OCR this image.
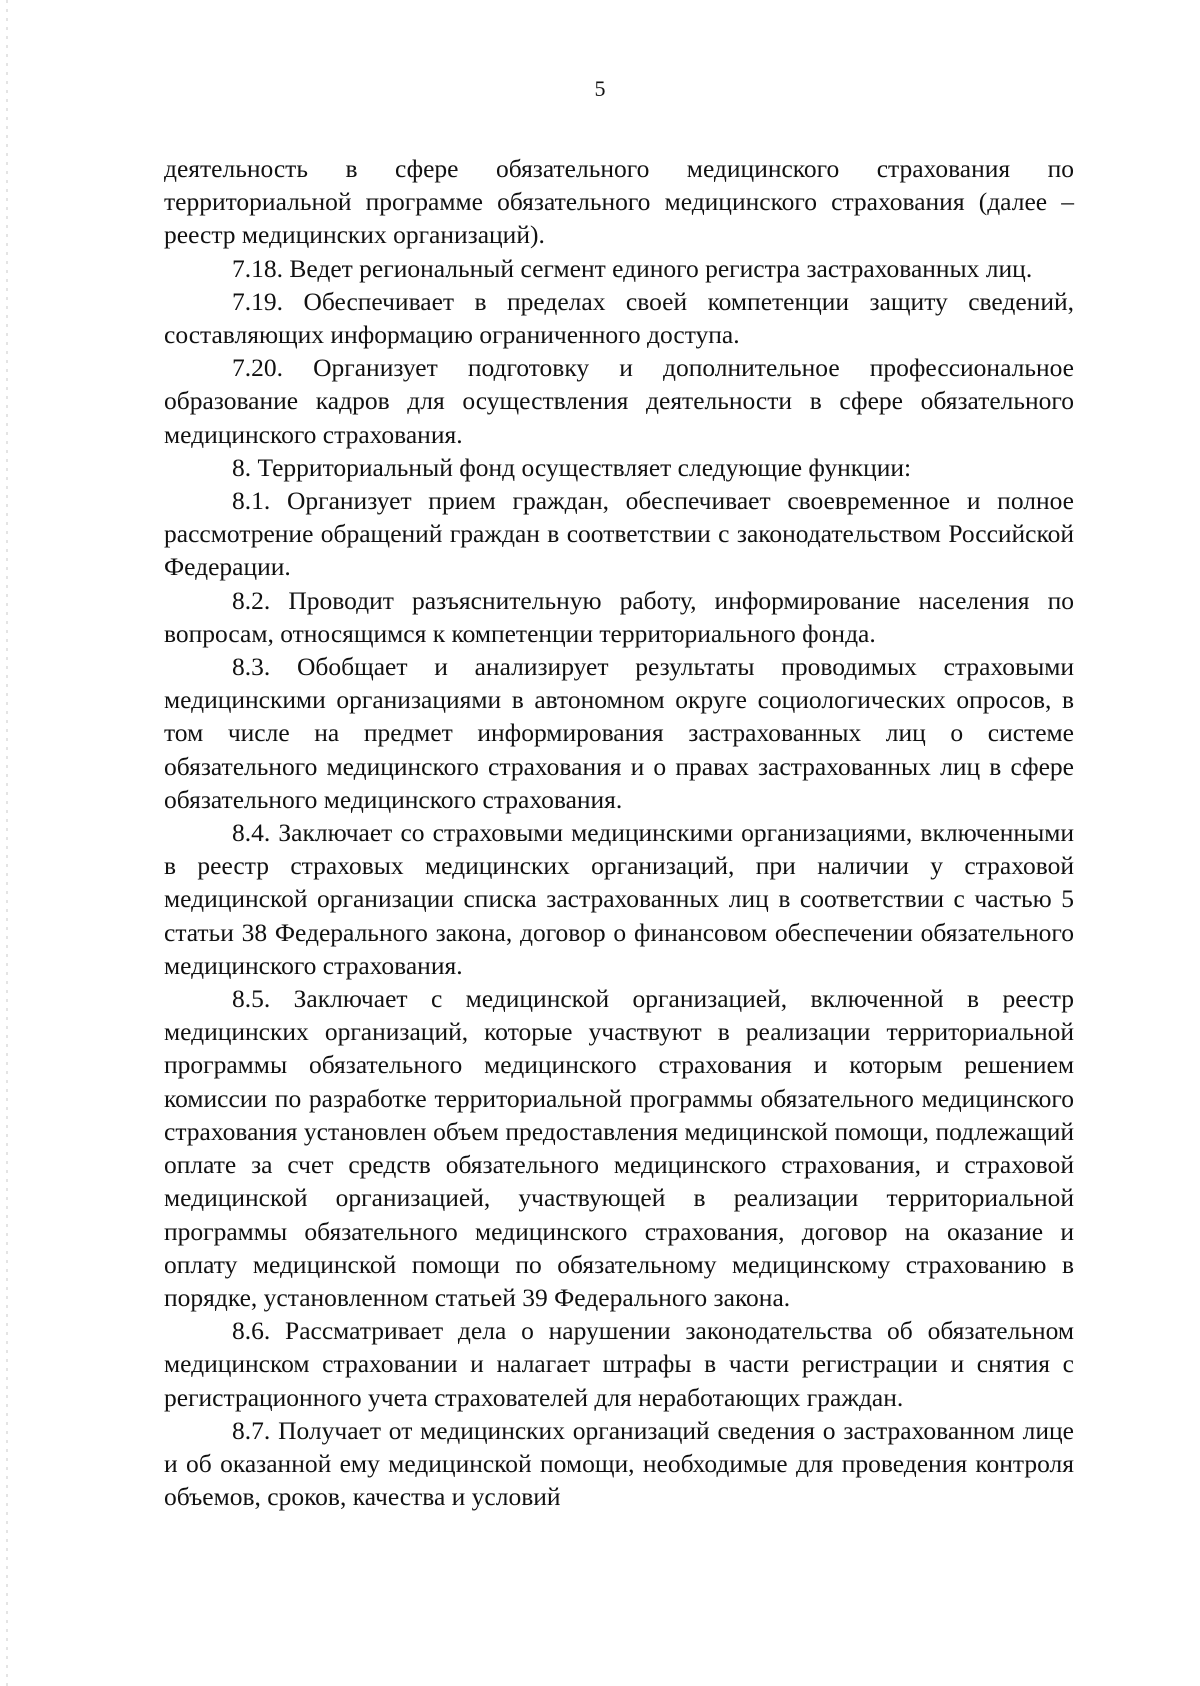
5

деятельность в сфере обязательного медицинского страхования по территориальной программе обязательного медицинского страхования (далее – реестр медицинских организаций).

7.18. Ведет региональный сегмент единого регистра застрахованных лиц.

7.19. Обеспечивает в пределах своей компетенции защиту сведений, составляющих информацию ограниченного доступа.

7.20. Организует подготовку и дополнительное профессиональное образование кадров для осуществления деятельности в сфере обязательного медицинского страхования.

8. Территориальный фонд осуществляет следующие функции:

8.1. Организует прием граждан, обеспечивает своевременное и полное рассмотрение обращений граждан в соответствии с законодательством Российской Федерации.

8.2. Проводит разъяснительную работу, информирование населения по вопросам, относящимся к компетенции территориального фонда.

8.3. Обобщает и анализирует результаты проводимых страховыми медицинскими организациями в автономном округе социологических опросов, в том числе на предмет информирования застрахованных лиц о системе обязательного медицинского страхования и о правах застрахованных лиц в сфере обязательного медицинского страхования.

8.4. Заключает со страховыми медицинскими организациями, включенными в реестр страховых медицинских организаций, при наличии у страховой медицинской организации списка застрахованных лиц в соответствии с частью 5 статьи 38 Федерального закона, договор о финансовом обеспечении обязательного медицинского страхования.

8.5. Заключает с медицинской организацией, включенной в реестр медицинских организаций, которые участвуют в реализации территориальной программы обязательного медицинского страхования и которым решением комиссии по разработке территориальной программы обязательного медицинского страхования установлен объем предоставления медицинской помощи, подлежащий оплате за счет средств обязательного медицинского страхования, и страховой медицинской организацией, участвующей в реализации территориальной программы обязательного медицинского страхования, договор на оказание и оплату медицинской помощи по обязательному медицинскому страхованию в порядке, установленном статьей 39 Федерального закона.

8.6. Рассматривает дела о нарушении законодательства об обязательном медицинском страховании и налагает штрафы в части регистрации и снятия с регистрационного учета страхователей для неработающих граждан.

8.7. Получает от медицинских организаций сведения о застрахованном лице и об оказанной ему медицинской помощи, необходимые для проведения контроля объемов, сроков, качества и условий
